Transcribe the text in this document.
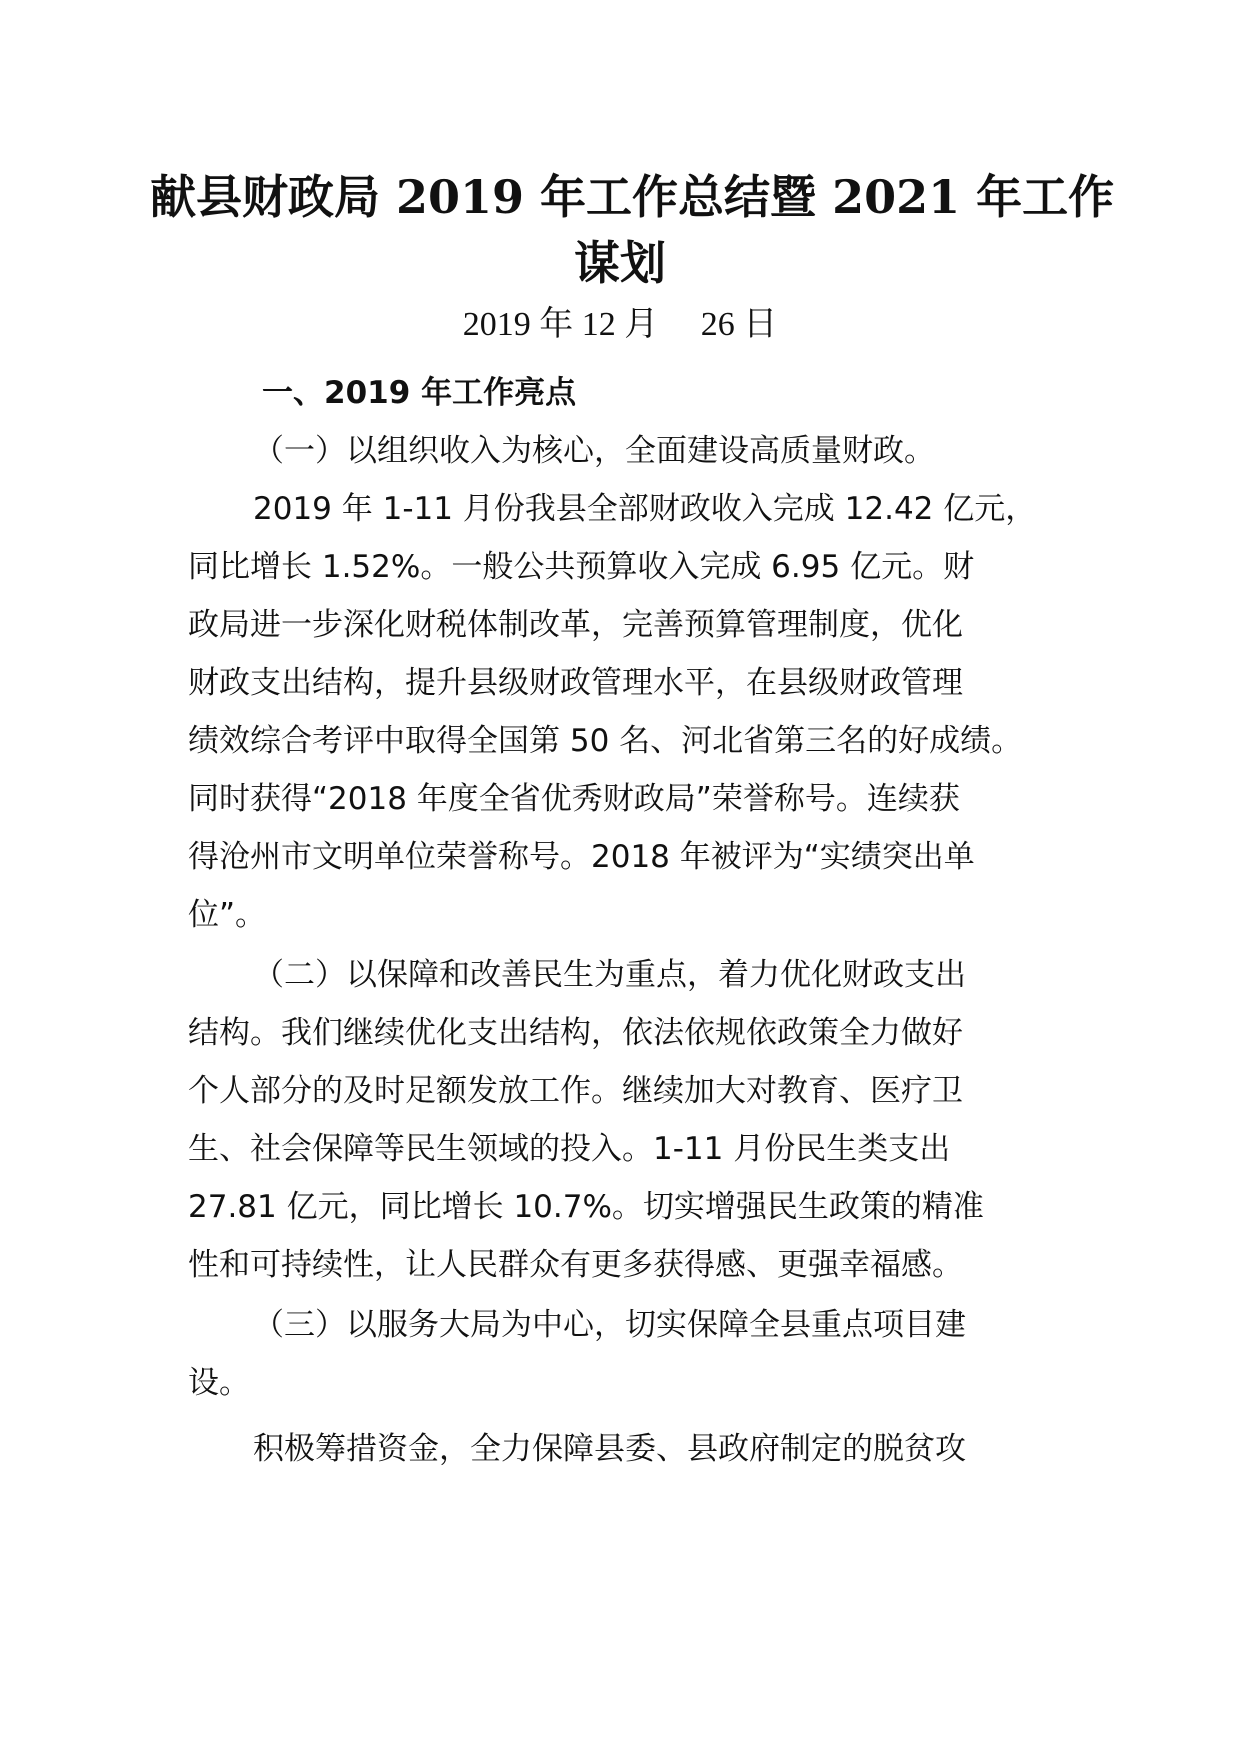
献县财政局 2019 年工作总结暨 2021 年工作
谋划
2019 年 12 月　 26 日
一、2019 年工作亮点
（一）以组织收入为核心，全面建设高质量财政。
2019 年 1-11 月份我县全部财政收入完成 12.42 亿元，
同比增长 1.52%。一般公共预算收入完成 6.95 亿元。财
政局进一步深化财税体制改革，完善预算管理制度，优化
财政支出结构，提升县级财政管理水平，在县级财政管理
绩效综合考评中取得全国第 50 名、河北省第三名的好成绩。
同时获得“2018 年度全省优秀财政局”荣誉称号。连续获
得沧州市文明单位荣誉称号。2018 年被评为“实绩突出单
位”。
（二）以保障和改善民生为重点，着力优化财政支出
结构。我们继续优化支出结构，依法依规依政策全力做好
个人部分的及时足额发放工作。继续加大对教育、医疗卫
生、社会保障等民生领域的投入。1-11 月份民生类支出
27.81 亿元，同比增长 10.7%。切实增强民生政策的精准
性和可持续性，让人民群众有更多获得感、更强幸福感。
（三）以服务大局为中心，切实保障全县重点项目建
设。
积极筹措资金，全力保障县委、县政府制定的脱贫攻
